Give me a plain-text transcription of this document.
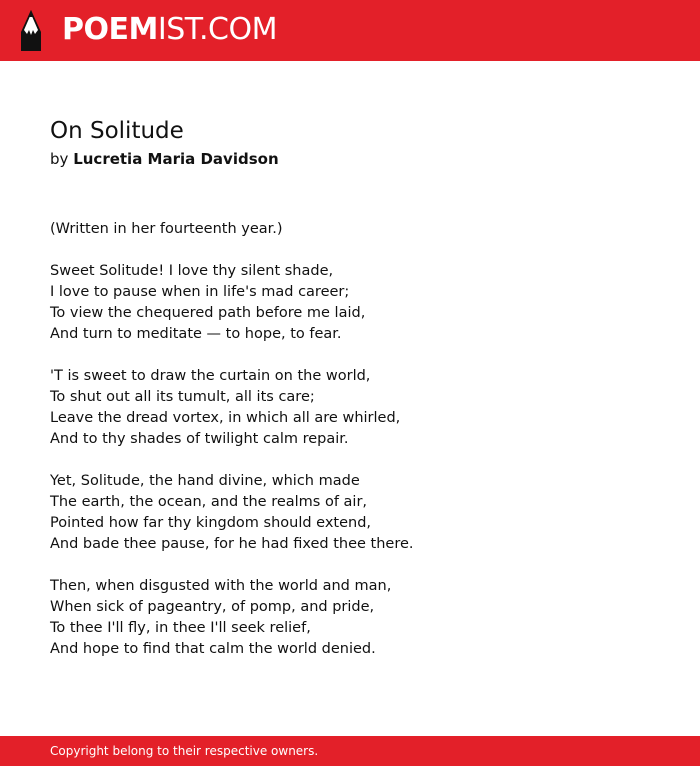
POEMIST.COM
On Solitude

by Lucretia Maria Davidson

(Written in her fourteenth year.)
Sweet Solitude! I love thy silent shade,
I love to pause when in life's mad career;
To view the chequered path before me laid,
And turn to meditate — to hope, to fear.
'T is sweet to draw the curtain on the world,
To shut out all its tumult, all its care;
Leave the dread vortex, in which all are whirled,
And to thy shades of twilight calm repair.
Yet, Solitude, the hand divine, which made
The earth, the ocean, and the realms of air,
Pointed how far thy kingdom should extend,
And bade thee pause, for he had fixed thee there.
Then, when disgusted with the world and man,
When sick of pageantry, of pomp, and pride,
To thee I'll fly, in thee I'll seek relief,
And hope to find that calm the world denied.
Copyright belong to their respective owners.
